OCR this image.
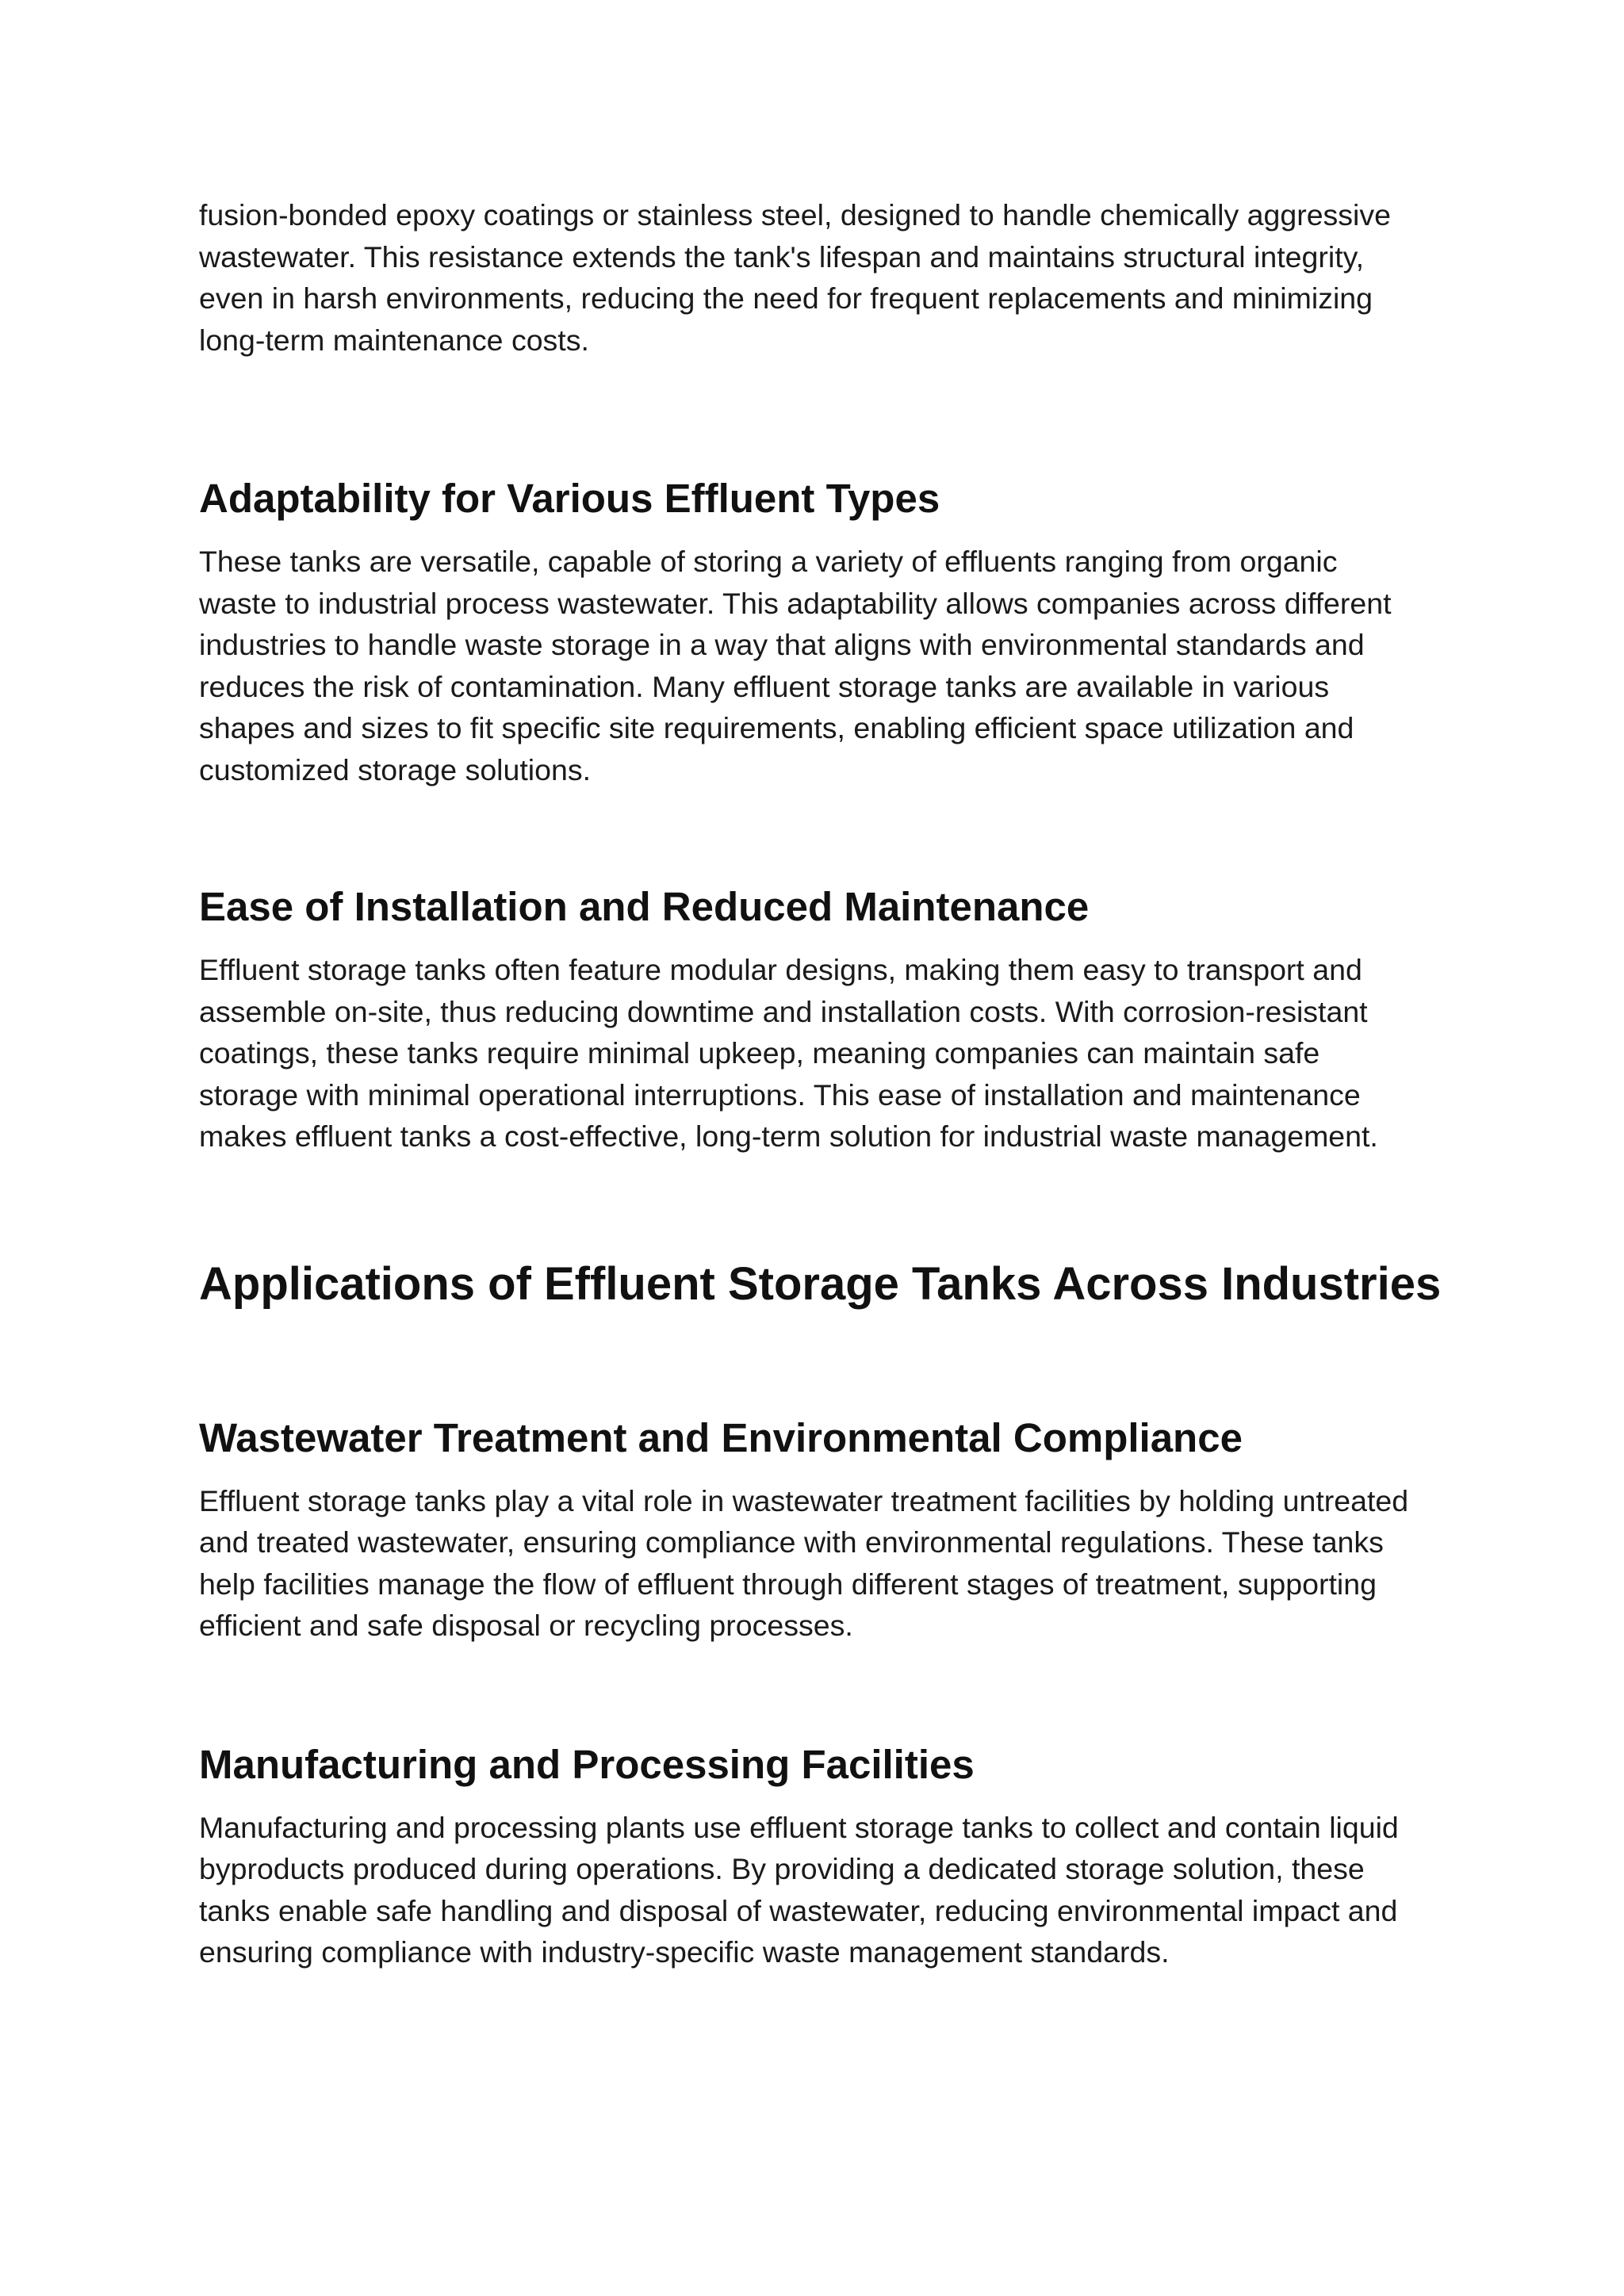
fusion-bonded epoxy coatings or stainless steel, designed to handle chemically aggressive
wastewater. This resistance extends the tank's lifespan and maintains structural integrity,
even in harsh environments, reducing the need for frequent replacements and minimizing
long-term maintenance costs.

Adaptability for Various Effluent Types

These tanks are versatile, capable of storing a variety of effluents ranging from organic
waste to industrial process wastewater. This adaptability allows companies across different
industries to handle waste storage in a way that aligns with environmental standards and
reduces the risk of contamination. Many effluent storage tanks are available in various
shapes and sizes to fit specific site requirements, enabling efficient space utilization and
customized storage solutions.

Ease of Installation and Reduced Maintenance

Effluent storage tanks often feature modular designs, making them easy to transport and
assemble on-site, thus reducing downtime and installation costs. With corrosion-resistant
coatings, these tanks require minimal upkeep, meaning companies can maintain safe
storage with minimal operational interruptions. This ease of installation and maintenance
makes effluent tanks a cost-effective, long-term solution for industrial waste management.

Applications of Effluent Storage Tanks Across Industries
Wastewater Treatment and Environmental Compliance

Effluent storage tanks play a vital role in wastewater treatment facilities by holding untreated
and treated wastewater, ensuring compliance with environmental regulations. These tanks
help facilities manage the flow of effluent through different stages of treatment, supporting
efficient and safe disposal or recycling processes.

Manufacturing and Processing Facilities

Manufacturing and processing plants use effluent storage tanks to collect and contain liquid
byproducts produced during operations. By providing a dedicated storage solution, these
tanks enable safe handling and disposal of wastewater, reducing environmental impact and
ensuring compliance with industry-specific waste management standards.
